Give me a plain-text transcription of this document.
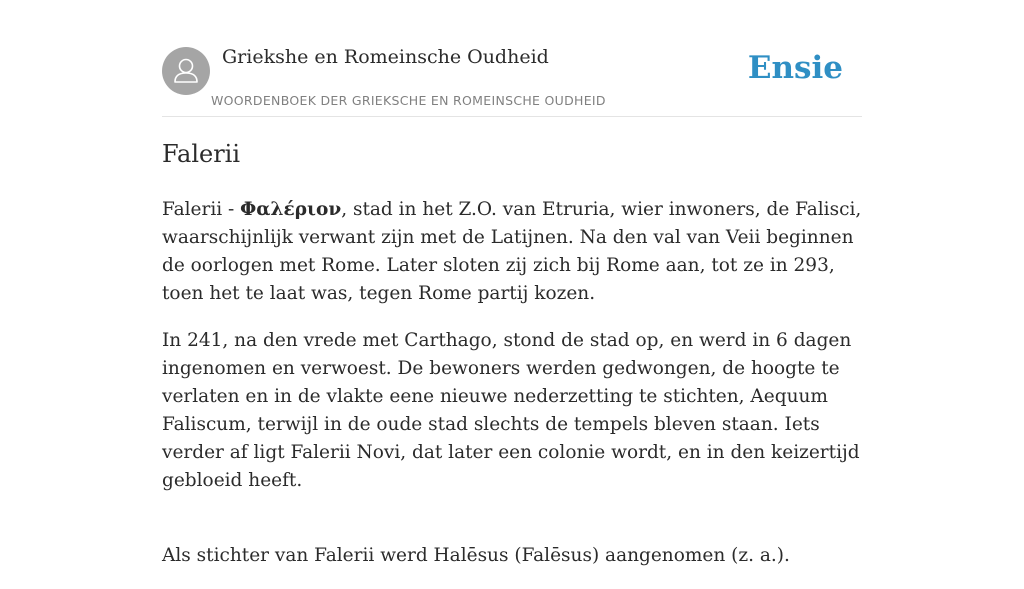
Griekshe en Romeinsche Oudheid
WOORDENBOEK DER GRIEKSCHE EN ROMEINSCHE OUDHEID
Ensie
Falerii

Falerii - Φαλέριον, stad in het Z.O. van Etruria, wier inwoners, de Falisci, waarschijnlijk verwant zijn met de Latijnen. Na den val van Veii beginnen de oorlogen met Rome. Later sloten zij zich bij Rome aan, tot ze in 293, toen het te laat was, tegen Rome partij kozen.

In 241, na den vrede met Carthago, stond de stad op, en werd in 6 dagen ingenomen en verwoest. De bewoners werden gedwongen, de hoogte te verlaten en in de vlakte eene nieuwe nederzetting te stichten, Aequum Faliscum, terwijl in de oude stad slechts de tempels bleven staan. Iets verder af ligt Falerii Novi, dat later een colonie wordt, en in den keizertijd gebloeid heeft.

Als stichter van Falerii werd Halēsus (Falēsus) aangenomen (z. a.).
